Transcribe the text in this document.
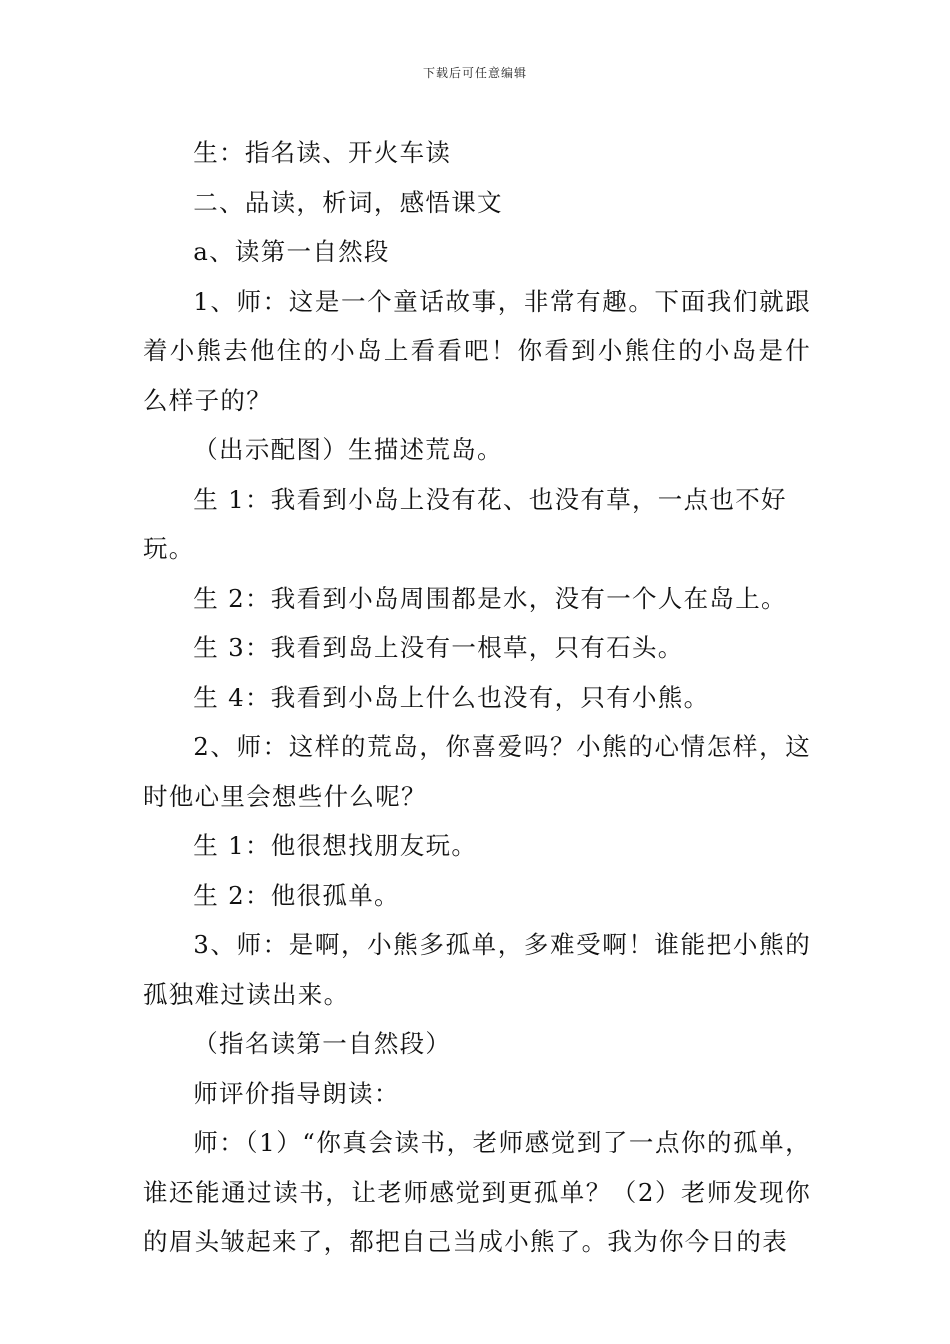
下载后可任意编辑

生：指名读、开火车读

二、品读，析词，感悟课文

a、读第一自然段

1、师：这是一个童话故事，非常有趣。下面我们就跟着小熊去他住的小岛上看看吧！你看到小熊住的小岛是什么样子的？

（出示配图）生描述荒岛。

生 1：我看到小岛上没有花、也没有草，一点也不好玩。

生 2：我看到小岛周围都是水，没有一个人在岛上。

生 3：我看到岛上没有一根草，只有石头。

生 4：我看到小岛上什么也没有，只有小熊。

2、师：这样的荒岛，你喜爱吗？小熊的心情怎样，这时他心里会想些什么呢？

生 1：他很想找朋友玩。

生 2：他很孤单。

3、师：是啊，小熊多孤单，多难受啊！谁能把小熊的孤独难过读出来。

（指名读第一自然段）

师评价指导朗读：

师：（1）“你真会读书，老师感觉到了一点你的孤单，谁还能通过读书，让老师感觉到更孤单？（2）老师发现你的眉头皱起来了，都把自己当成小熊了。我为你今日的表
